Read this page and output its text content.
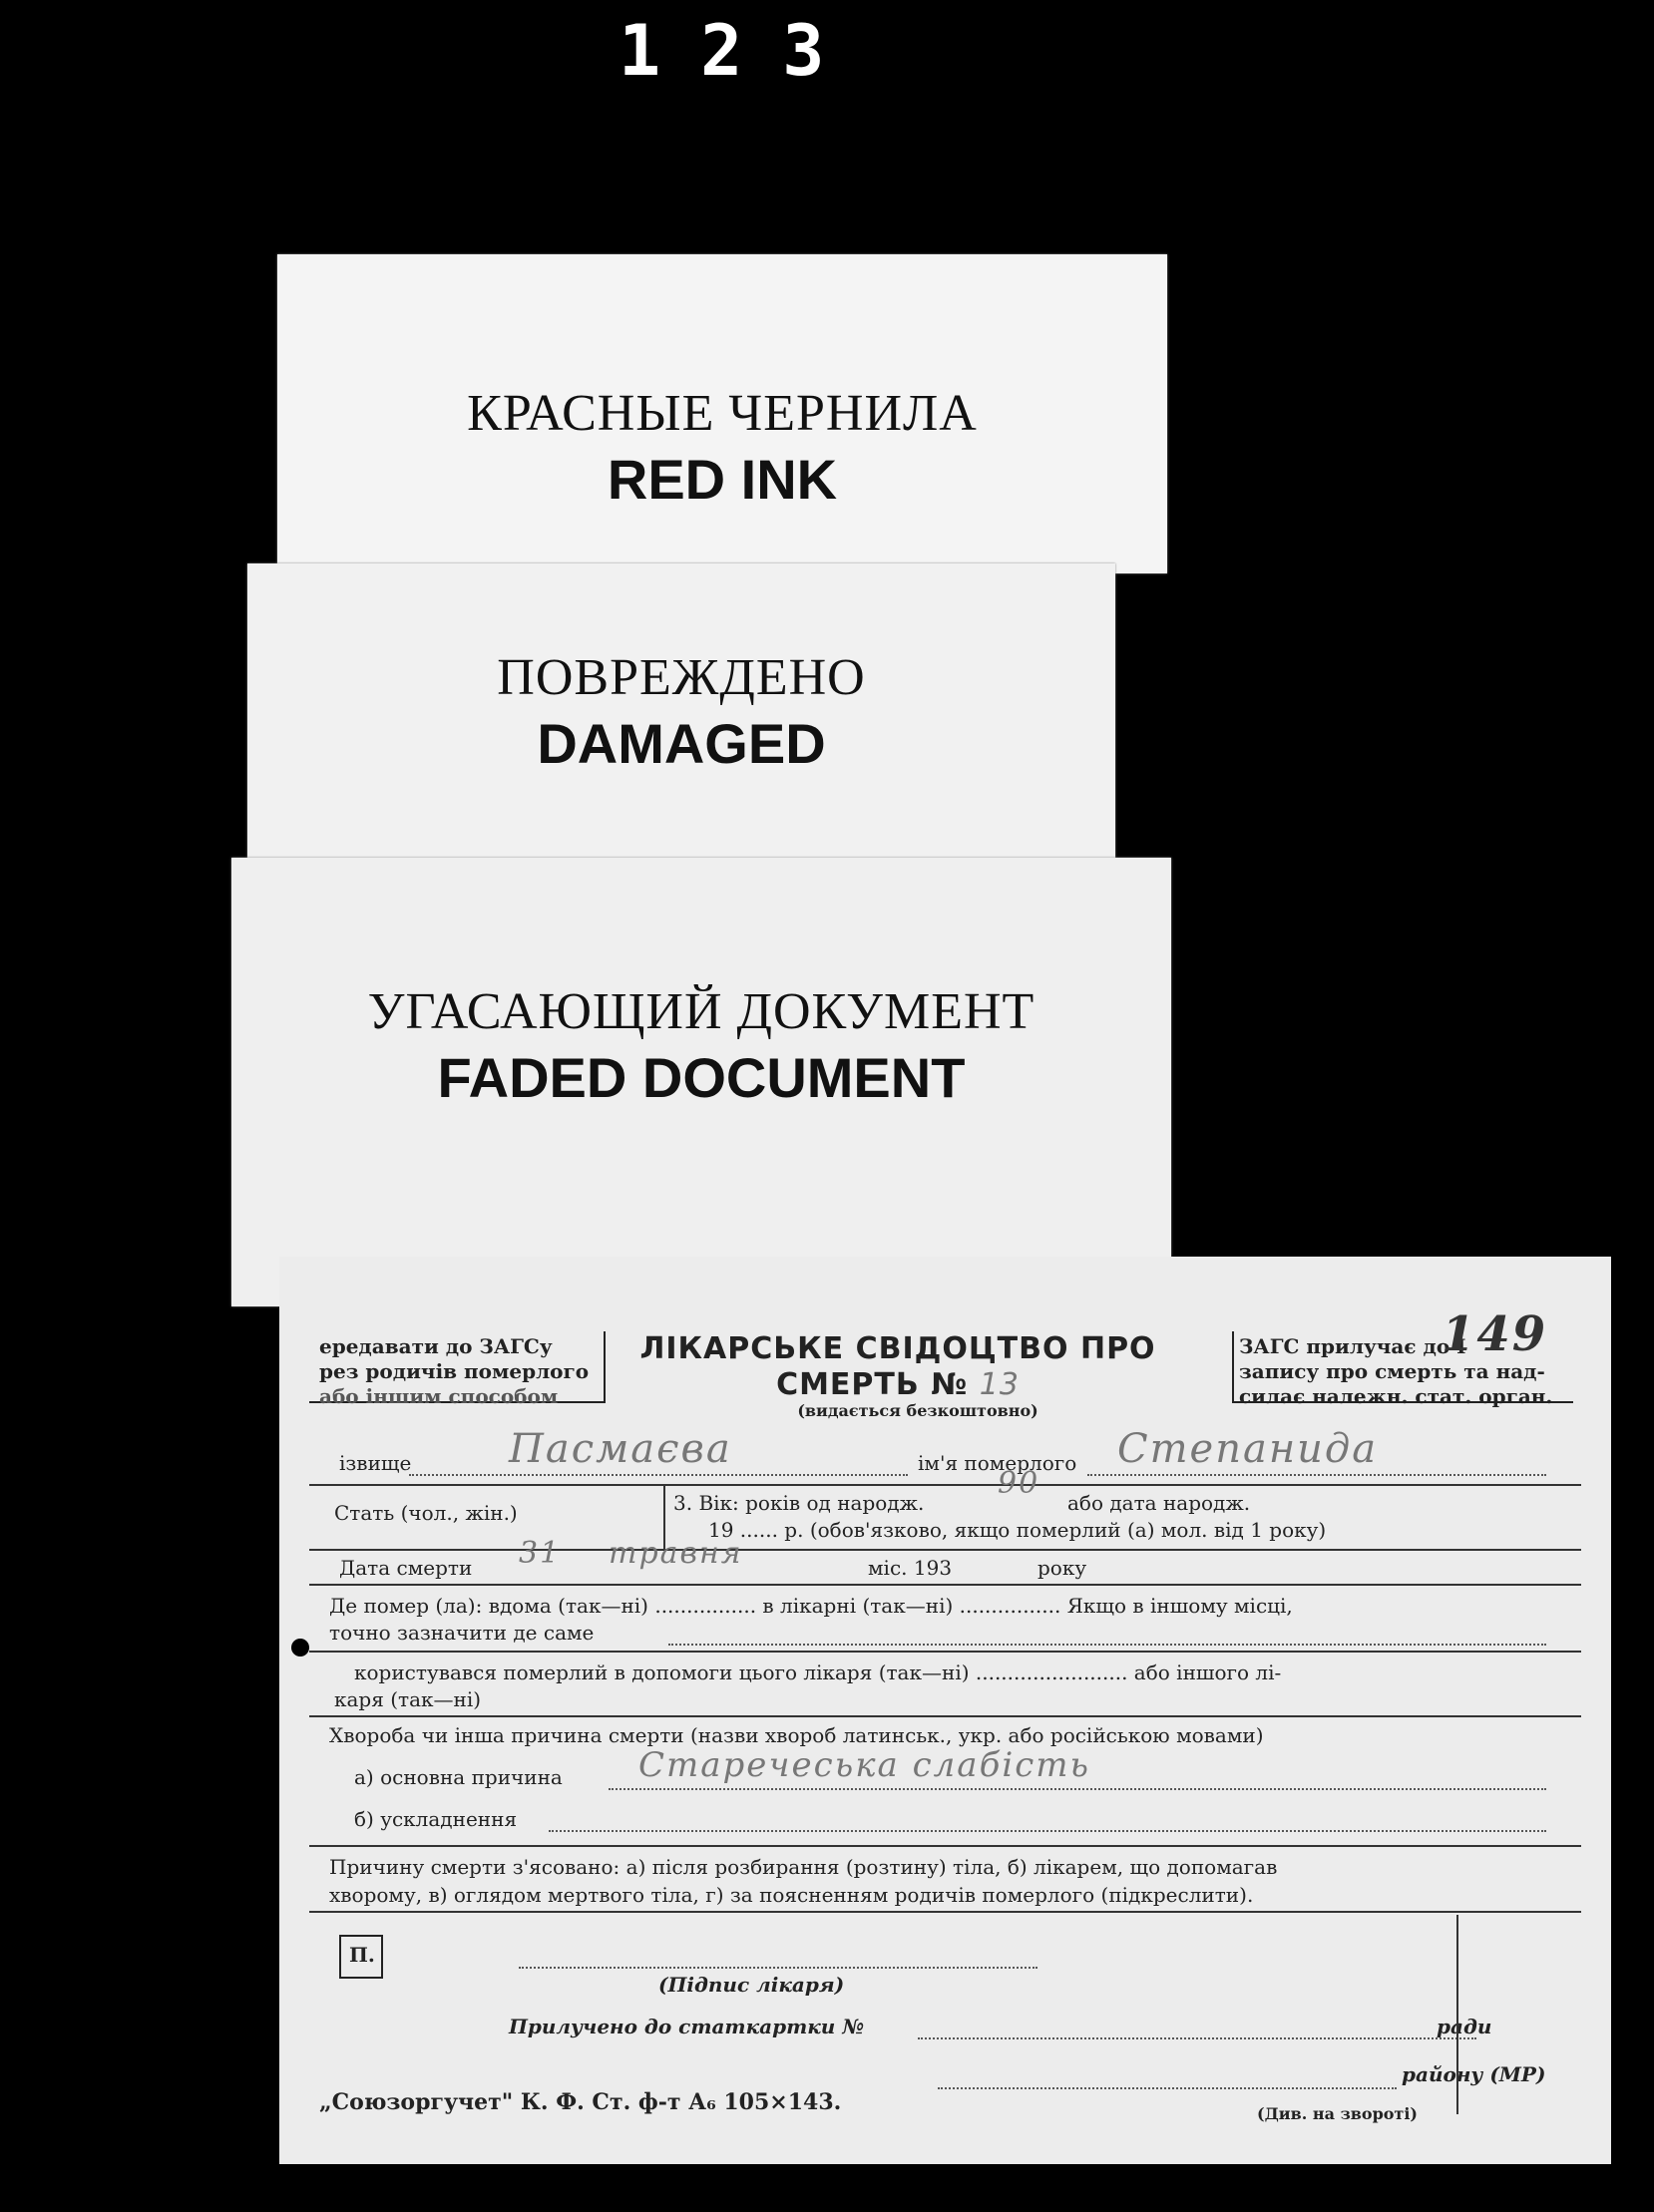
123
КРАСНЫЕ ЧЕРНИЛА
RED INK
ПОВРЕЖДЕНО
DAMAGED
УГАСАЮЩИЙ ДОКУМЕНТ
FADED DOCUMENT
ередавати до ЗАГСу
рез родичів померлого
або іншим способом
ЛІКАРСЬКЕ СВІДОЦТВО ПРО
СМЕРТЬ № 13
(видається безкоштовно)
ЗАГС прилучає до I
запису про смерть та над-
силає належн. стат. орган.
149
ізвище Пасмаєва	ім'я померлого Степанида
Стать (чол., жін.)	3. Вік: років од народж.
90
або дата народж.
19 ...... р. (обов'язково, якщо померлий (а) мол. від 1 року)
Дата смерти 31 травня	міс. 193	року
Де помер (ла): вдома (так—ні) ................ в лікарні (так—ні) ................ Якщо в іншому місці,
точно зазначити де саме
користувався померлий в допомоги цього лікаря (так—ні) ........................ або іншого лі-
каря (так—ні)
Хвороба чи інша причина смерти (назви хвороб латинськ., укр. або російською мовами)
а) основна причина Старечеська слабість
б) ускладнення
Причину смерти з'ясовано: а) після розбирання (розтину) тіла, б) лікарем, що допомагав
хворому, в) оглядом мертвого тіла, г) за поясненням родичів померлого (підкреслити).
П.
(Підпис лікаря)
Прилучено до статкартки №	ради
району (МР)
(Див. на звороті)
„Союзоргучет" К. Ф. Ст. ф-т А₆ 105×143.
